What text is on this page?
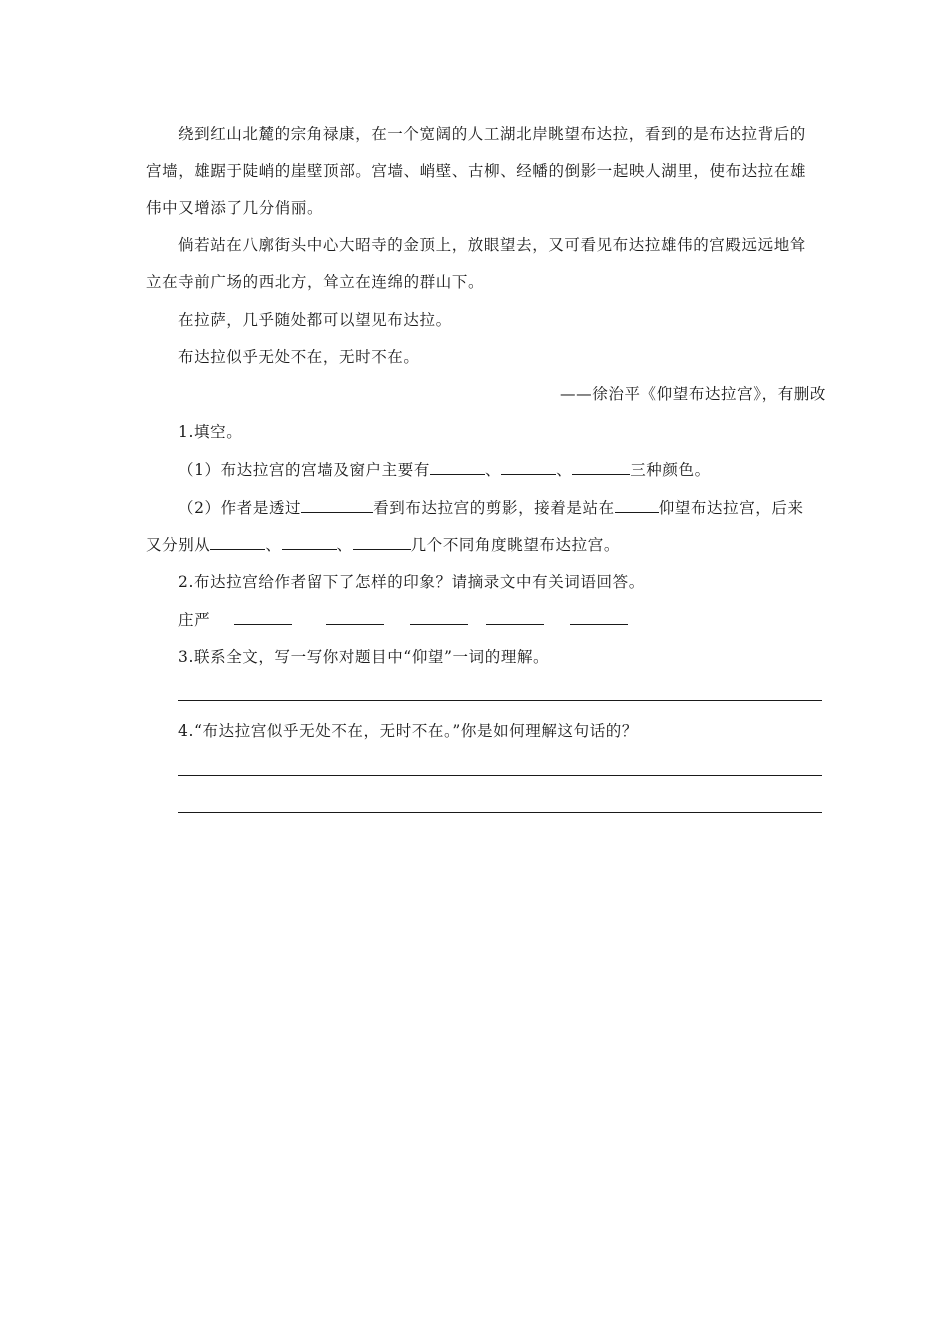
绕到红山北麓的宗角禄康，在一个宽阔的人工湖北岸眺望布达拉，看到的是布达拉背后的
宫墙，雄踞于陡峭的崖壁顶部。宫墙、峭壁、古柳、经幡的倒影一起映人湖里，使布达拉在雄
伟中又增添了几分俏丽。
倘若站在八廓街头中心大昭寺的金顶上，放眼望去，又可看见布达拉雄伟的宫殿远远地耸
立在寺前广场的西北方，耸立在连绵的群山下。
在拉萨，几乎随处都可以望见布达拉。
布达拉似乎无处不在，无时不在。
——徐治平《仰望布达拉宫》，有删改
1.填空。
（1）布达拉宫的宫墙及窗户主要有	、	、	三种颜色。
（2）作者是透过	看到布达拉宫的剪影，接着是站在	仰望布达拉宫，后来
又分别从	、	、	几个不同角度眺望布达拉宫。
2.布达拉宫给作者留下了怎样的印象？请摘录文中有关词语回答。
庄严
3.联系全文，写一写你对题目中“仰望”一词的理解。
4.“布达拉宫似乎无处不在，无时不在。”你是如何理解这句话的？
